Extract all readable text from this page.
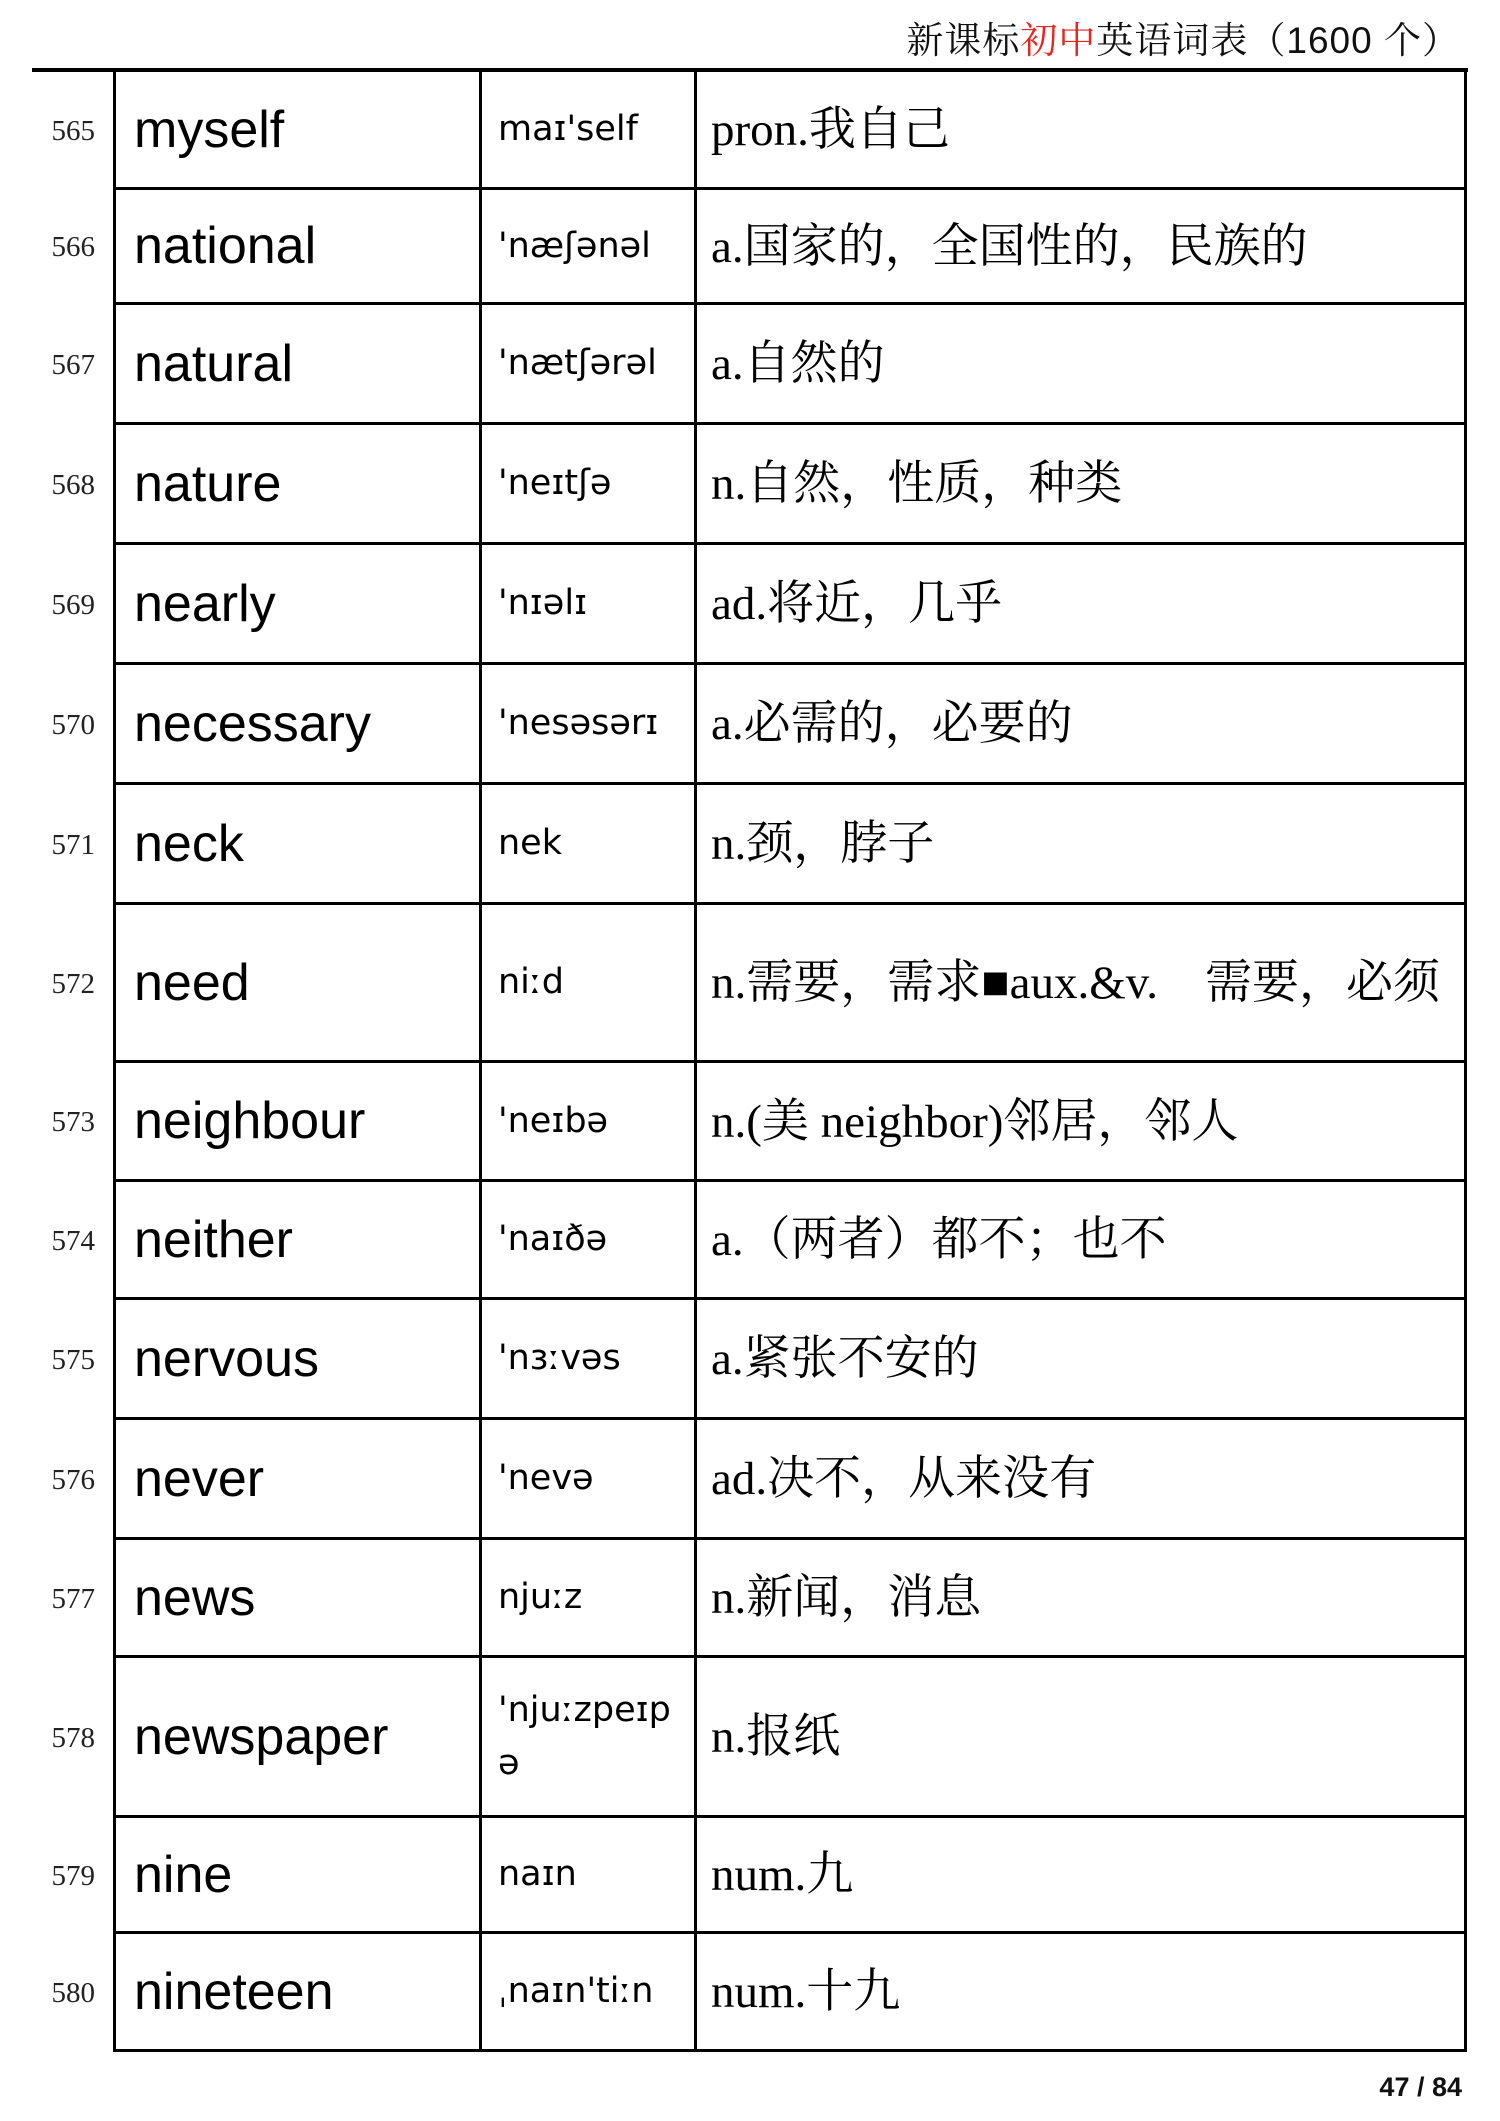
新课标初中英语词表（1600 个）
565 myself	maɪ'self	pron.我自己
566 national	'næʃənəl	a.国家的，全国性的，民族的
567 natural	'nætʃərəl	a.自然的
568 nature	'neɪtʃə	n.自然，性质，种类
569 nearly	'nɪəlɪ	ad.将近，几乎
570 necessary	'nesəsərɪ	a.必需的，必要的
571 neck	nek	n.颈，脖子
572 need	niːd	n.需要，需求■aux.&v.　需要，必须
573 neighbour	'neɪbə	n.(美 neighbor)邻居，邻人
574 neither	'naɪðə	a.（两者）都不；也不
575 nervous	'nɜːvəs	a.紧张不安的
576 never	'nevə	ad.决不，从来没有
577 news	njuːz	n.新闻，消息
578 newspaper	'njuːzpeɪpə	n.报纸
579 nine	naɪn	num.九
580 nineteen	ˌnaɪn'tiːn	num.十九
47 / 84
